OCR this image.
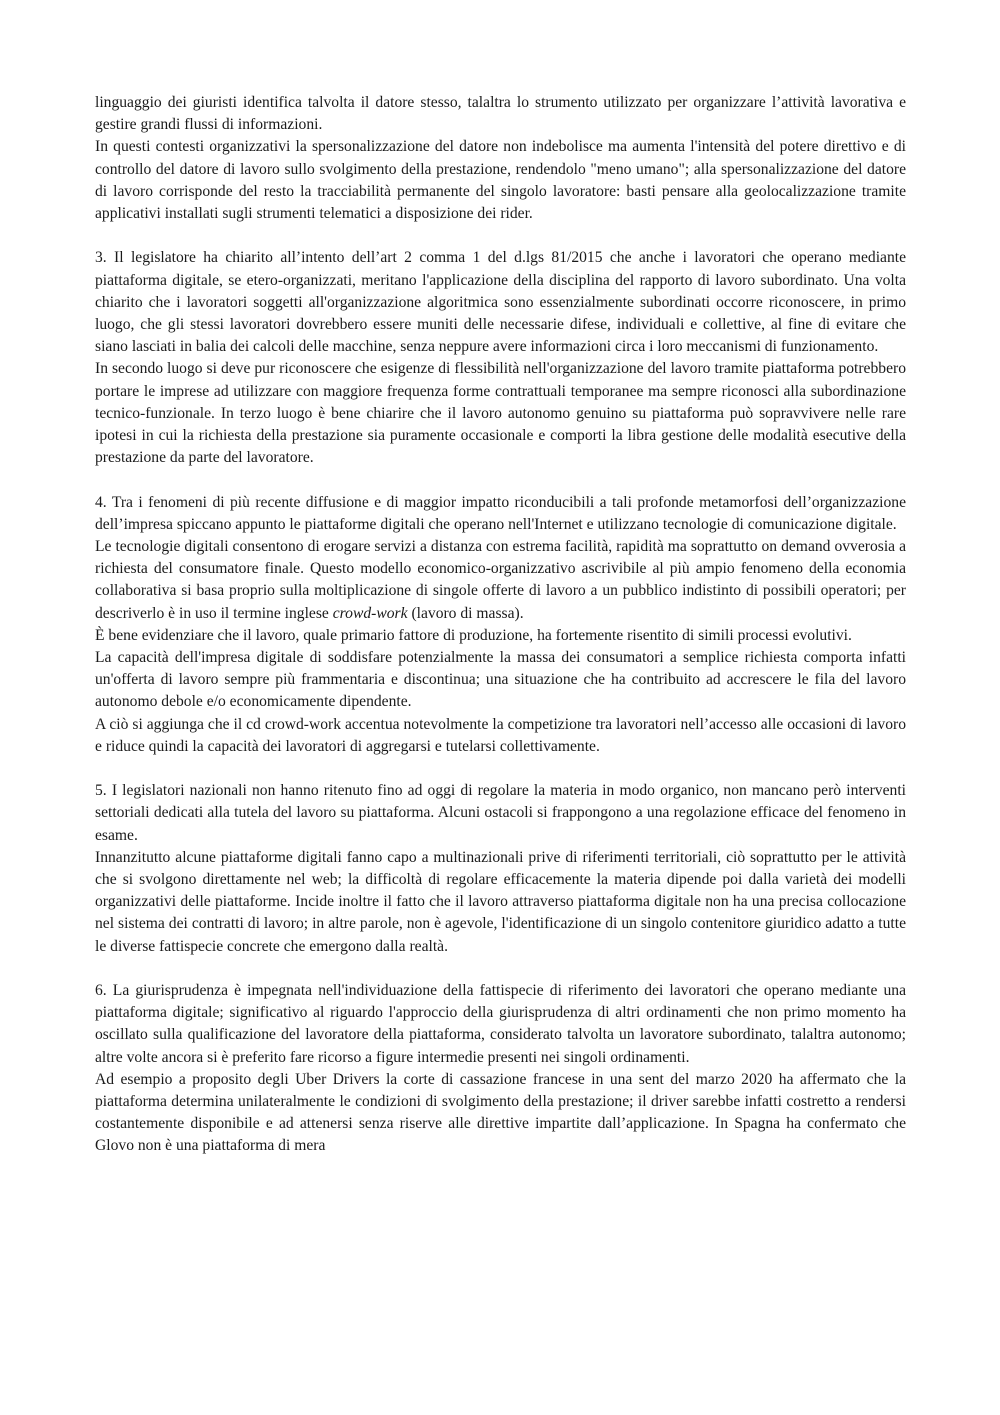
linguaggio dei giuristi identifica talvolta il datore stesso, talaltra lo strumento utilizzato per organizzare l’attività lavorativa e gestire grandi flussi di informazioni.

In questi contesti organizzativi la spersonalizzazione del datore non indebolisce ma aumenta l'intensità del potere direttivo e di controllo del datore di lavoro sullo svolgimento della prestazione, rendendolo "meno umano"; alla spersonalizzazione del datore di lavoro corrisponde del resto la tracciabilità permanente del singolo lavoratore: basti pensare alla geolocalizzazione tramite applicativi installati sugli strumenti telematici a disposizione dei rider.

3. Il legislatore ha chiarito all’intento dell’art 2 comma 1 del d.lgs 81/2015 che anche i lavoratori che operano mediante piattaforma digitale, se etero-organizzati, meritano l'applicazione della disciplina del rapporto di lavoro subordinato. Una volta chiarito che i lavoratori soggetti all'organizzazione algoritmica sono essenzialmente subordinati occorre riconoscere, in primo luogo, che gli stessi lavoratori dovrebbero essere muniti delle necessarie difese, individuali e collettive, al fine di evitare che siano lasciati in balia dei calcoli delle macchine, senza neppure avere informazioni circa i loro meccanismi di funzionamento.

In secondo luogo si deve pur riconoscere che esigenze di flessibilità nell'organizzazione del lavoro tramite piattaforma potrebbero portare le imprese ad utilizzare con maggiore frequenza forme contrattuali temporanee ma sempre riconosci alla subordinazione tecnico-funzionale. In terzo luogo è bene chiarire che il lavoro autonomo genuino su piattaforma può sopravvivere nelle rare ipotesi in cui la richiesta della prestazione sia puramente occasionale e comporti la libra gestione delle modalità esecutive della prestazione da parte del lavoratore.

4. Tra i fenomeni di più recente diffusione e di maggior impatto riconducibili a tali profonde metamorfosi dell’organizzazione dell’impresa spiccano appunto le piattaforme digitali che operano nell'Internet e utilizzano tecnologie di comunicazione digitale.

Le tecnologie digitali consentono di erogare servizi a distanza con estrema facilità, rapidità ma soprattutto on demand ovverosia a richiesta del consumatore finale. Questo modello economico-organizzativo ascrivibile al più ampio fenomeno della economia collaborativa si basa proprio sulla moltiplicazione di singole offerte di lavoro a un pubblico indistinto di possibili operatori; per descriverlo è in uso il termine inglese crowd-work (lavoro di massa).

È bene evidenziare che il lavoro, quale primario fattore di produzione, ha fortemente risentito di simili processi evolutivi.

La capacità dell'impresa digitale di soddisfare potenzialmente la massa dei consumatori a semplice richiesta comporta infatti un'offerta di lavoro sempre più frammentaria e discontinua; una situazione che ha contribuito ad accrescere le fila del lavoro autonomo debole e/o economicamente dipendente.

A ciò si aggiunga che il cd crowd-work accentua notevolmente la competizione tra lavoratori nell’accesso alle occasioni di lavoro e riduce quindi la capacità dei lavoratori di aggregarsi e tutelarsi collettivamente.

5. I legislatori nazionali non hanno ritenuto fino ad oggi di regolare la materia in modo organico, non mancano però interventi settoriali dedicati alla tutela del lavoro su piattaforma. Alcuni ostacoli si frappongono a una regolazione efficace del fenomeno in esame.

Innanzitutto alcune piattaforme digitali fanno capo a multinazionali prive di riferimenti territoriali, ciò soprattutto per le attività che si svolgono direttamente nel web; la difficoltà di regolare efficacemente la materia dipende poi dalla varietà dei modelli organizzativi delle piattaforme. Incide inoltre il fatto che il lavoro attraverso piattaforma digitale non ha una precisa collocazione nel sistema dei contratti di lavoro; in altre parole, non è agevole, l'identificazione di un singolo contenitore giuridico adatto a tutte le diverse fattispecie concrete che emergono dalla realtà.

6. La giurisprudenza è impegnata nell'individuazione della fattispecie di riferimento dei lavoratori che operano mediante una piattaforma digitale; significativo al riguardo l'approccio della giurisprudenza di altri ordinamenti che non primo momento ha oscillato sulla qualificazione del lavoratore della piattaforma, considerato talvolta un lavoratore subordinato, talaltra autonomo; altre volte ancora si è preferito fare ricorso a figure intermedie presenti nei singoli ordinamenti.

Ad esempio a proposito degli Uber Drivers la corte di cassazione francese in una sent del marzo 2020 ha affermato che la piattaforma determina unilateralmente le condizioni di svolgimento della prestazione; il driver sarebbe infatti costretto a rendersi costantemente disponibile e ad attenersi senza riserve alle direttive impartite dall’applicazione. In Spagna ha confermato che Glovo non è una piattaforma di mera
